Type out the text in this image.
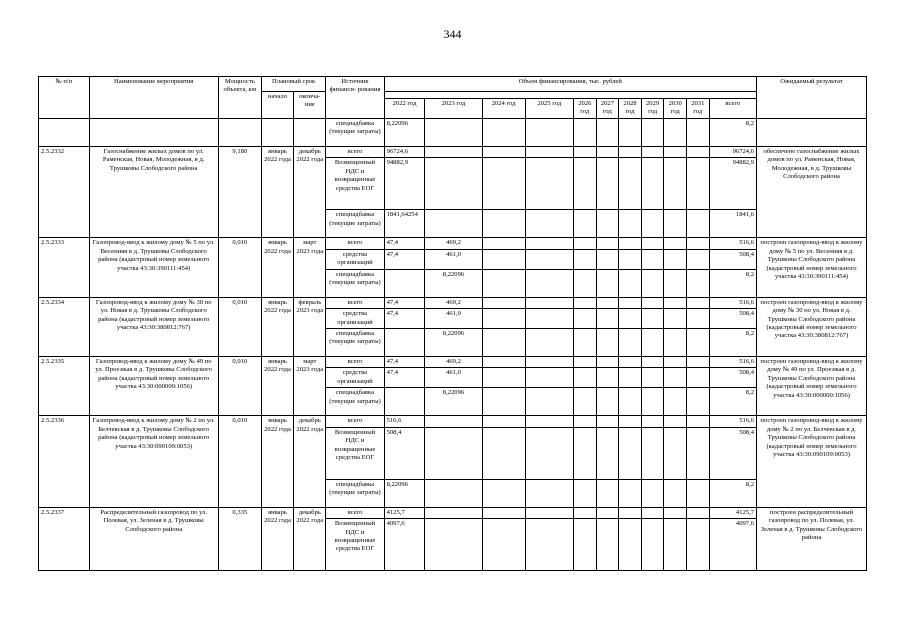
344
№ п/п	Наименование мероприятия	Мощность объекта, км	Плановый срок		Источник финанси- рования	Объем финансирования, тыс. рублей											Ожидаемый результат
			начало	оконча- ние													
						2022 год	2023 год	2024 год	2025 год	2026 год	2027 год	2028 год	2029 год	2030 год	2031 год	всего	
					спецнадбавка (текущие затраты)	8,22096										8,2	
2.5.2332	Газоснабжение жилых домов по ул. Раменская, Новая, Молодежная, в д. Трушковы Слободского района	9,180	январь 2022 года	декабрь 2022 года	всего	96724,6										96724,6	обеспечено газоснабжение жилых домов по ул. Раменская, Новая, Молодежная, в д. Трушковы Слободского района
					Возмещенный НДС и возвращенные средства ЕОГ	94882,9										94882,9	
					спецнадбавка (текущие затраты)	1841,64254										1841,6	
2.5.2333	Газопровод-ввод к жилому дому № 5 по ул. Весенняя в д. Трушковы Слободского района (кадастровый номер земельного участка 43:30:390111:454)	0,010	январь 2022 года	март 2023 года	всего	47,4	469,2									516,6	построен газопровод-ввод к жилому дому № 5 по ул. Весенняя в д. Трушковы Слободского района (кадастровый номер земельного участка 43:30:390111:454)
					средства организаций	47,4	461,0									508,4	
					спецнадбавка (текущие затраты)		8,22096									8,2	
2.5.2334	Газопровод-ввод к жилому дому № 30 по ул. Новая в д. Трушковы Слободского района (кадастровый номер земельного участка 43:30:380812:767)	0,010	январь 2022 года	февраль 2023 года	всего	47,4	469,2									516,6	построен газопровод-ввод к жилому дому № 30 по ул. Новая в д. Трушковы Слободского района (кадастровый номер земельного участка 43:30:380812:767)
					средства организаций	47,4	461,0									508,4	
					спецнадбавка (текущие затраты)		8,22096									8,2	
2.5.2335	Газопровод-ввод к жилому дому № 49 по ул. Проезжая в д. Трушковы Слободского района (кадастровый номер земельного участка 43:30:000000:1056)	0,010	январь 2022 года	март 2023 года	всего	47,4	469,2									516,6	построен газопровод-ввод к жилому дому № 49 по ул. Проезжая в д. Трушковы Слободского района (кадастровый номер земельного участка 43:30:000000:1056)
					средства организаций	47,4	461,0									508,4	
					спецнадбавка (текущие затраты)		8,22096									8,2	
2.5.2336	Газопровод-ввод к жилому дому № 2 по ул. Белчевская в д. Трушковы Слободского района (кадастровый номер земельного участка 43:30:090109:0053)	0,010	январь 2022 года	декабрь 2022 года	всего	516,6										516,6	построен газопровод-ввод к жилому дому № 2 по ул. Белчевская в д. Трушковы Слободского района (кадастровый номер земельного участка 43:30:090109:0053)
					Возмещенный НДС и возвращенные средства ЕОГ	508,4										508,4	
					спецнадбавка (текущие затраты)	8,22096										8,2	
2.5.2337	Распределительный газопровод по ул. Полевая, ул. Зеленая в д. Трушковы Слободского района	0,335	январь 2022 года	декабрь 2022 года	всего	4125,7										4125,7	построен распределительный газопровод по ул. Полевая, ул. Зеленая в д. Трушковы Слободского района
					Возмещенный НДС и возвращенные средства ЕОГ	4097,6										4097,6	
